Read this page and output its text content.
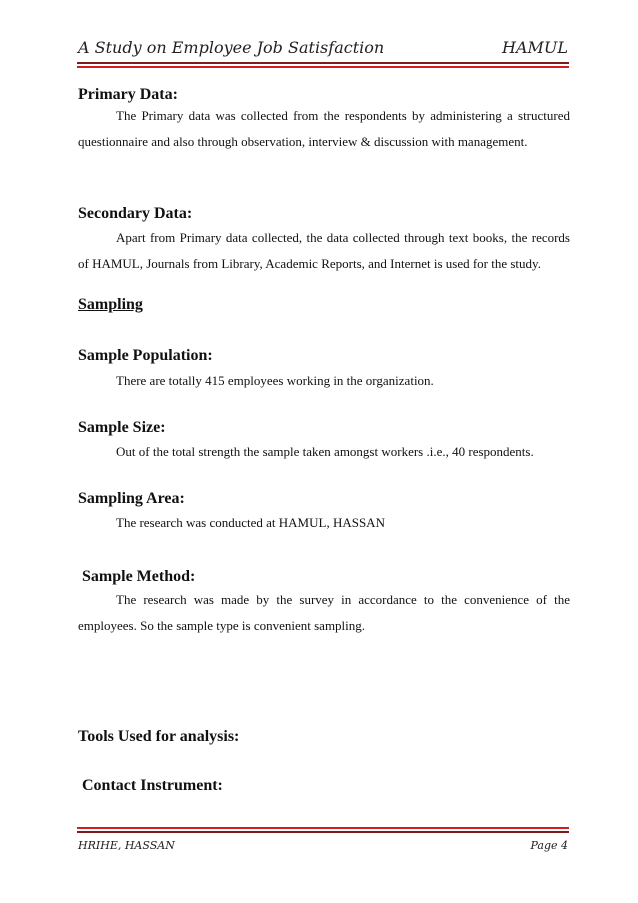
A Study on Employee Job Satisfaction	HAMUL
Primary Data:
The Primary data was collected from the respondents by administering a structured questionnaire and also through observation, interview & discussion with management.
Secondary Data:
Apart from Primary data collected, the data collected through text books, the records of HAMUL, Journals from Library, Academic Reports, and Internet is used for the study.
Sampling
Sample Population:
There are totally 415 employees working in the organization.
Sample Size:
Out of the total strength the sample taken amongst workers .i.e., 40 respondents.
Sampling Area:
The research was conducted at HAMUL, HASSAN
Sample Method:
The research was made by the survey in accordance to the convenience of the employees. So the sample type is convenient sampling.
Tools Used for analysis:
Contact Instrument:
HRIHE, HASSAN	Page 4
